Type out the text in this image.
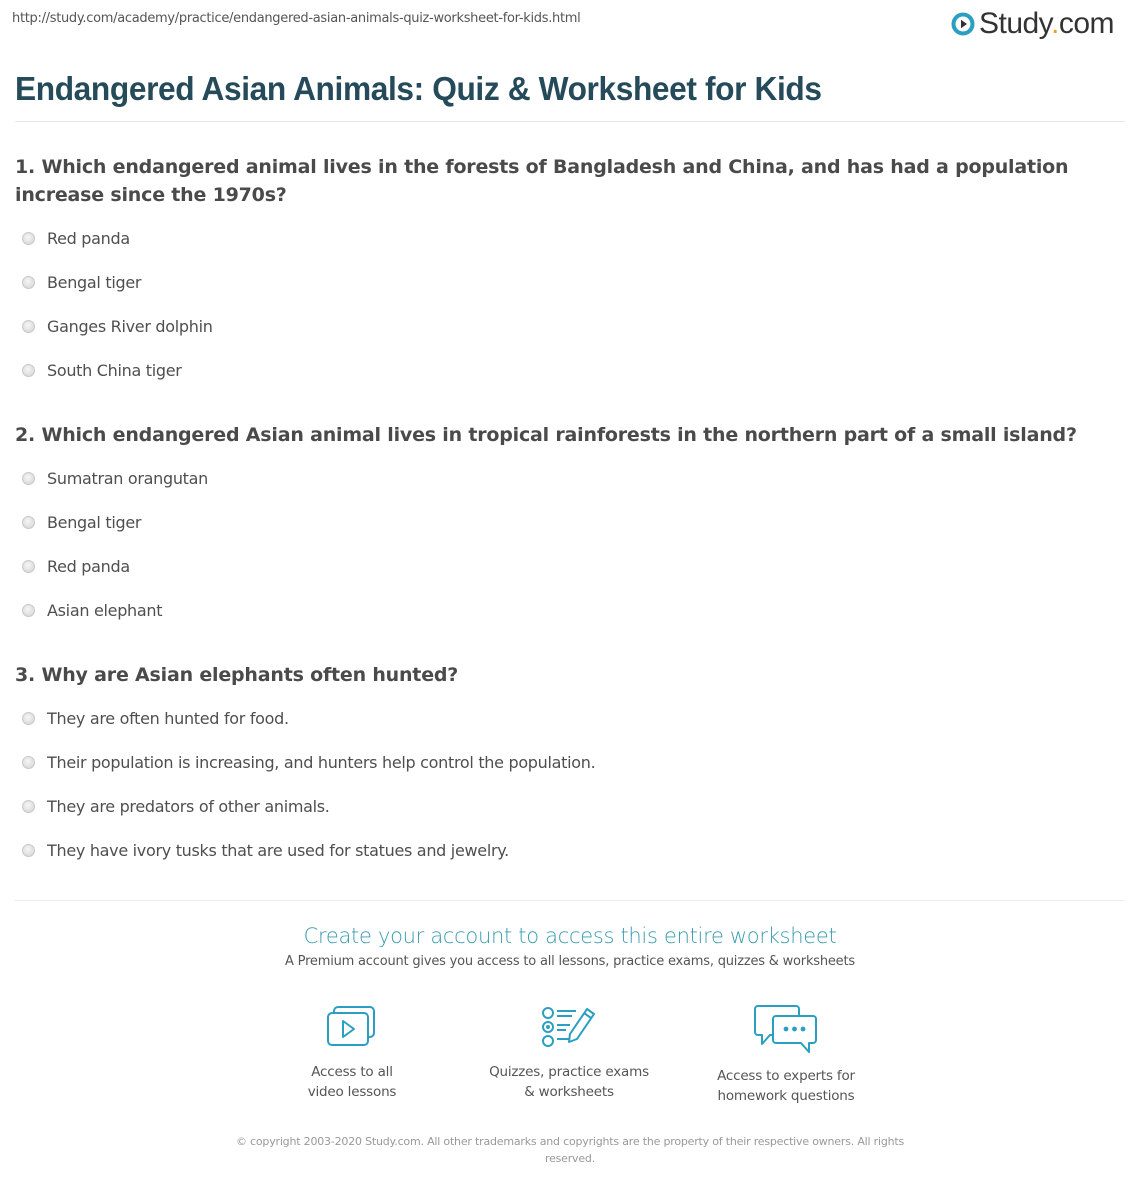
http://study.com/academy/practice/endangered-asian-animals-quiz-worksheet-for-kids.html	Study.com
Endangered Asian Animals: Quiz & Worksheet for Kids
1. Which endangered animal lives in the forests of Bangladesh and China, and has had a population increase since the 1970s?
Red panda
Bengal tiger
Ganges River dolphin
South China tiger
2. Which endangered Asian animal lives in tropical rainforests in the northern part of a small island?
Sumatran orangutan
Bengal tiger
Red panda
Asian elephant
3. Why are Asian elephants often hunted?
They are often hunted for food.
Their population is increasing, and hunters help control the population.
They are predators of other animals.
They have ivory tusks that are used for statues and jewelry.
Create your account to access this entire worksheet
A Premium account gives you access to all lessons, practice exams, quizzes & worksheets
Access to all
video lessons
Quizzes, practice exams
& worksheets
Access to experts for
homework questions
© copyright 2003-2020 Study.com. All other trademarks and copyrights are the property of their respective owners. All rights reserved.
